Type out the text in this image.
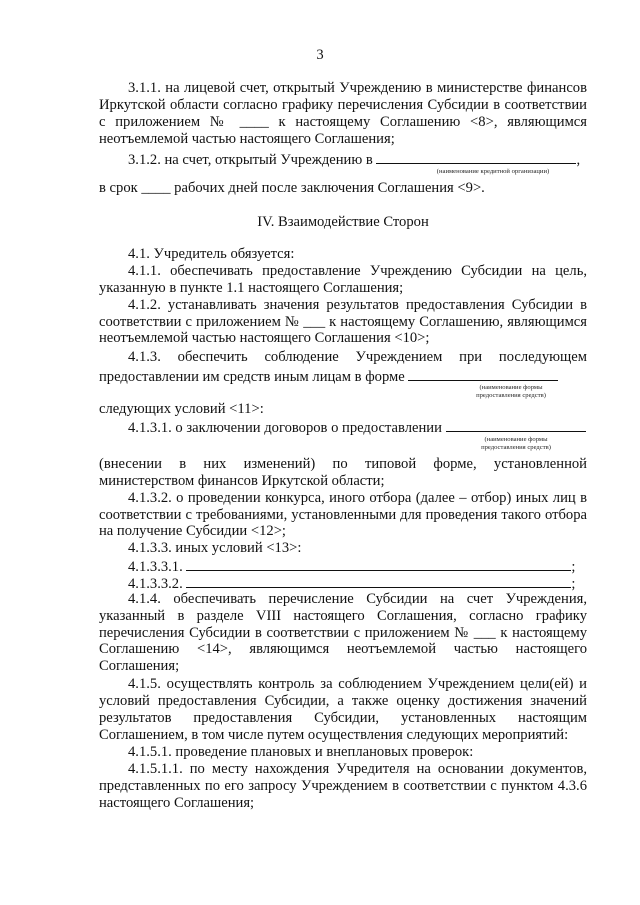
3
3.1.1. на лицевой счет, открытый Учреждению в министерстве финансов
Иркутской области согласно графику перечисления Субсидии в соответствии
с приложением № ____ к настоящему Соглашению <8>, являющимся
неотъемлемой частью настоящего Соглашения;
3.1.2. на счет, открытый Учреждению в	,
(наименование кредитной организации)
в срок ____ рабочих дней после заключения Соглашения <9>.
IV. Взаимодействие Сторон
4.1. Учредитель обязуется:
4.1.1. обеспечивать предоставление Учреждению Субсидии на цель,
указанную в пункте 1.1 настоящего Соглашения;
4.1.2. устанавливать значения результатов предоставления Субсидии в
соответствии с приложением № ___ к настоящему Соглашению, являющимся
неотъемлемой частью настоящего Соглашения <10>;
4.1.3. обеспечить соблюдение Учреждением при последующем
предоставлении им средств иным лицам в форме
(наименование формы
предоставления средств)
следующих условий <11>:
4.1.3.1. о заключении договоров о предоставлении
(наименование формы
предоставления средств)
(внесении в них изменений) по типовой форме, установленной
министерством финансов Иркутской области;
4.1.3.2. о проведении конкурса, иного отбора (далее – отбор) иных лиц в
соответствии с требованиями, установленными для проведения такого отбора
на получение Субсидии <12>;
4.1.3.3. иных условий <13>:
4.1.3.3.1.	;
4.1.3.3.2.	;
4.1.4. обеспечивать перечисление Субсидии на счет Учреждения,
указанный в разделе VIII настоящего Соглашения, согласно графику
перечисления Субсидии в соответствии с приложением № ___ к настоящему
Соглашению <14>, являющимся неотъемлемой частью настоящего
Соглашения;
4.1.5. осуществлять контроль за соблюдением Учреждением цели(ей) и
условий предоставления Субсидии, а также оценку достижения значений
результатов предоставления Субсидии, установленных настоящим
Соглашением, в том числе путем осуществления следующих мероприятий:
4.1.5.1. проведение плановых и внеплановых проверок:
4.1.5.1.1. по месту нахождения Учредителя на основании документов,
представленных по его запросу Учреждением в соответствии с пунктом 4.3.6
настоящего Соглашения;
